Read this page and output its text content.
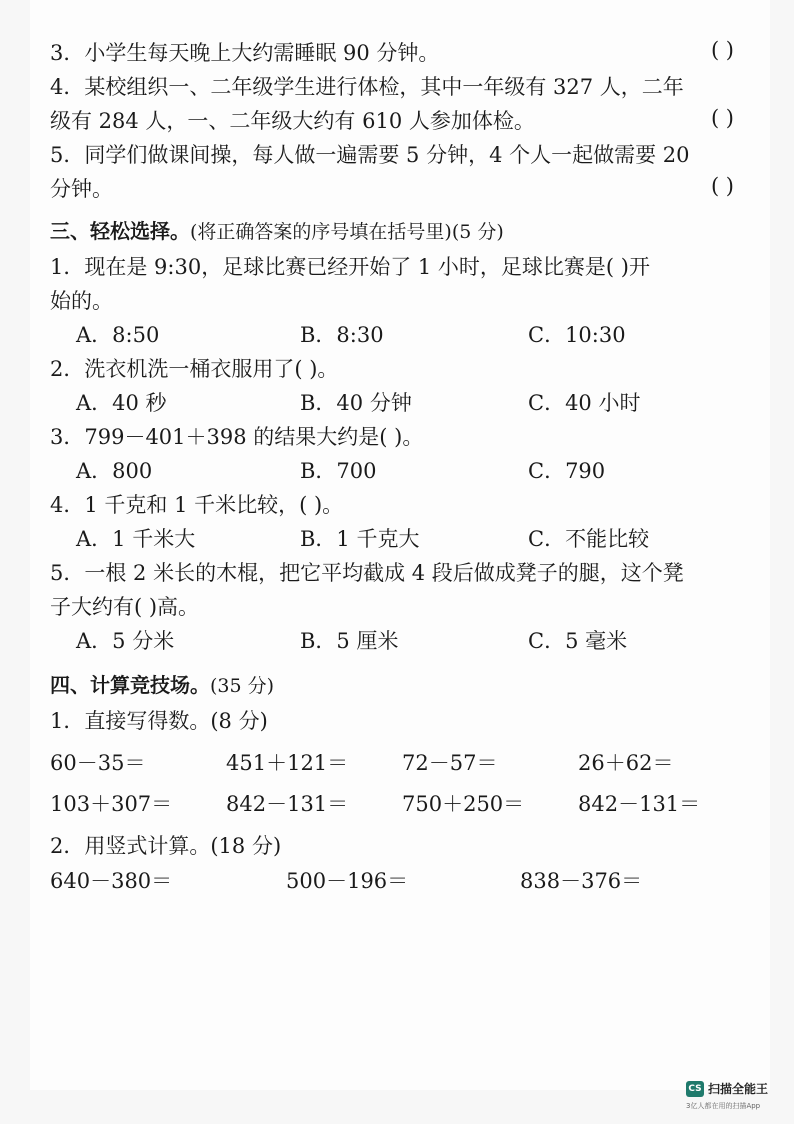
3．小学生每天晚上大约需睡眠 90 分钟。	( )
4．某校组织一、二年级学生进行体检，其中一年级有 327 人，二年
级有 284 人，一、二年级大约有 610 人参加体检。	( )
5．同学们做课间操，每人做一遍需要 5 分钟，4 个人一起做需要 20
分钟。	( )
三、轻松选择。(将正确答案的序号填在括号里)(5 分)
1．现在是 9:30，足球比赛已经开始了 1 小时，足球比赛是( )开
始的。
A．8:50	B．8:30	C．10:30
2．洗衣机洗一桶衣服用了( )。
A．40 秒	B．40 分钟	C．40 小时
3．799－401＋398 的结果大约是( )。
A．800	B．700	C．790
4．1 千克和 1 千米比较，( )。
A．1 千米大	B．1 千克大	C．不能比较
5．一根 2 米长的木棍，把它平均截成 4 段后做成凳子的腿，这个凳
子大约有( )高。
A．5 分米	B．5 厘米	C．5 毫米
四、计算竞技场。(35 分)
1．直接写得数。(8 分)
60－35＝	451＋121＝	72－57＝	26＋62＝
103＋307＝	842－131＝	750＋250＝	842－131＝
2．用竖式计算。(18 分)
640－380＝	500－196＝	838－376＝
CS 扫描全能王
3亿人都在用的扫描App
